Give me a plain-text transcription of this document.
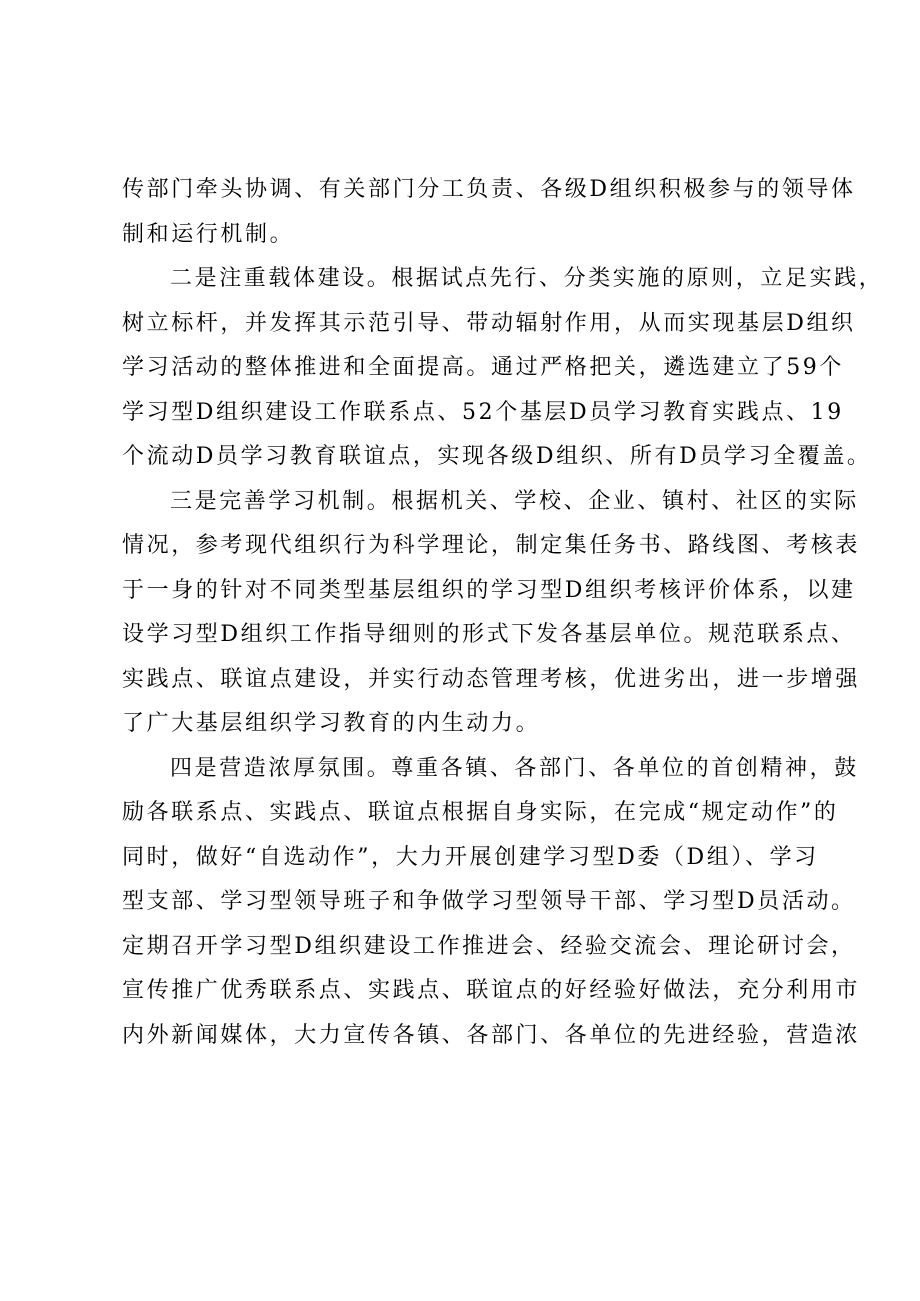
传部门牵头协调、有关部门分工负责、各级D组织积极参与的领导体
制和运行机制。
二是注重载体建设。根据试点先行、分类实施的原则，立足实践，
树立标杆，并发挥其示范引导、带动辐射作用，从而实现基层D组织
学习活动的整体推进和全面提高。通过严格把关，遴选建立了59个
学习型D组织建设工作联系点、52个基层D员学习教育实践点、19
个流动D员学习教育联谊点，实现各级D组织、所有D员学习全覆盖。
三是完善学习机制。根据机关、学校、企业、镇村、社区的实际
情况，参考现代组织行为科学理论，制定集任务书、路线图、考核表
于一身的针对不同类型基层组织的学习型D组织考核评价体系，以建
设学习型D组织工作指导细则的形式下发各基层单位。规范联系点、
实践点、联谊点建设，并实行动态管理考核，优进劣出，进一步增强
了广大基层组织学习教育的内生动力。
四是营造浓厚氛围。尊重各镇、各部门、各单位的首创精神，鼓
励各联系点、实践点、联谊点根据自身实际，在完成“规定动作”的
同时，做好“自选动作”，大力开展创建学习型D委（D组）、学习
型支部、学习型领导班子和争做学习型领导干部、学习型D员活动。
定期召开学习型D组织建设工作推进会、经验交流会、理论研讨会，
宣传推广优秀联系点、实践点、联谊点的好经验好做法，充分利用市
内外新闻媒体，大力宣传各镇、各部门、各单位的先进经验，营造浓
